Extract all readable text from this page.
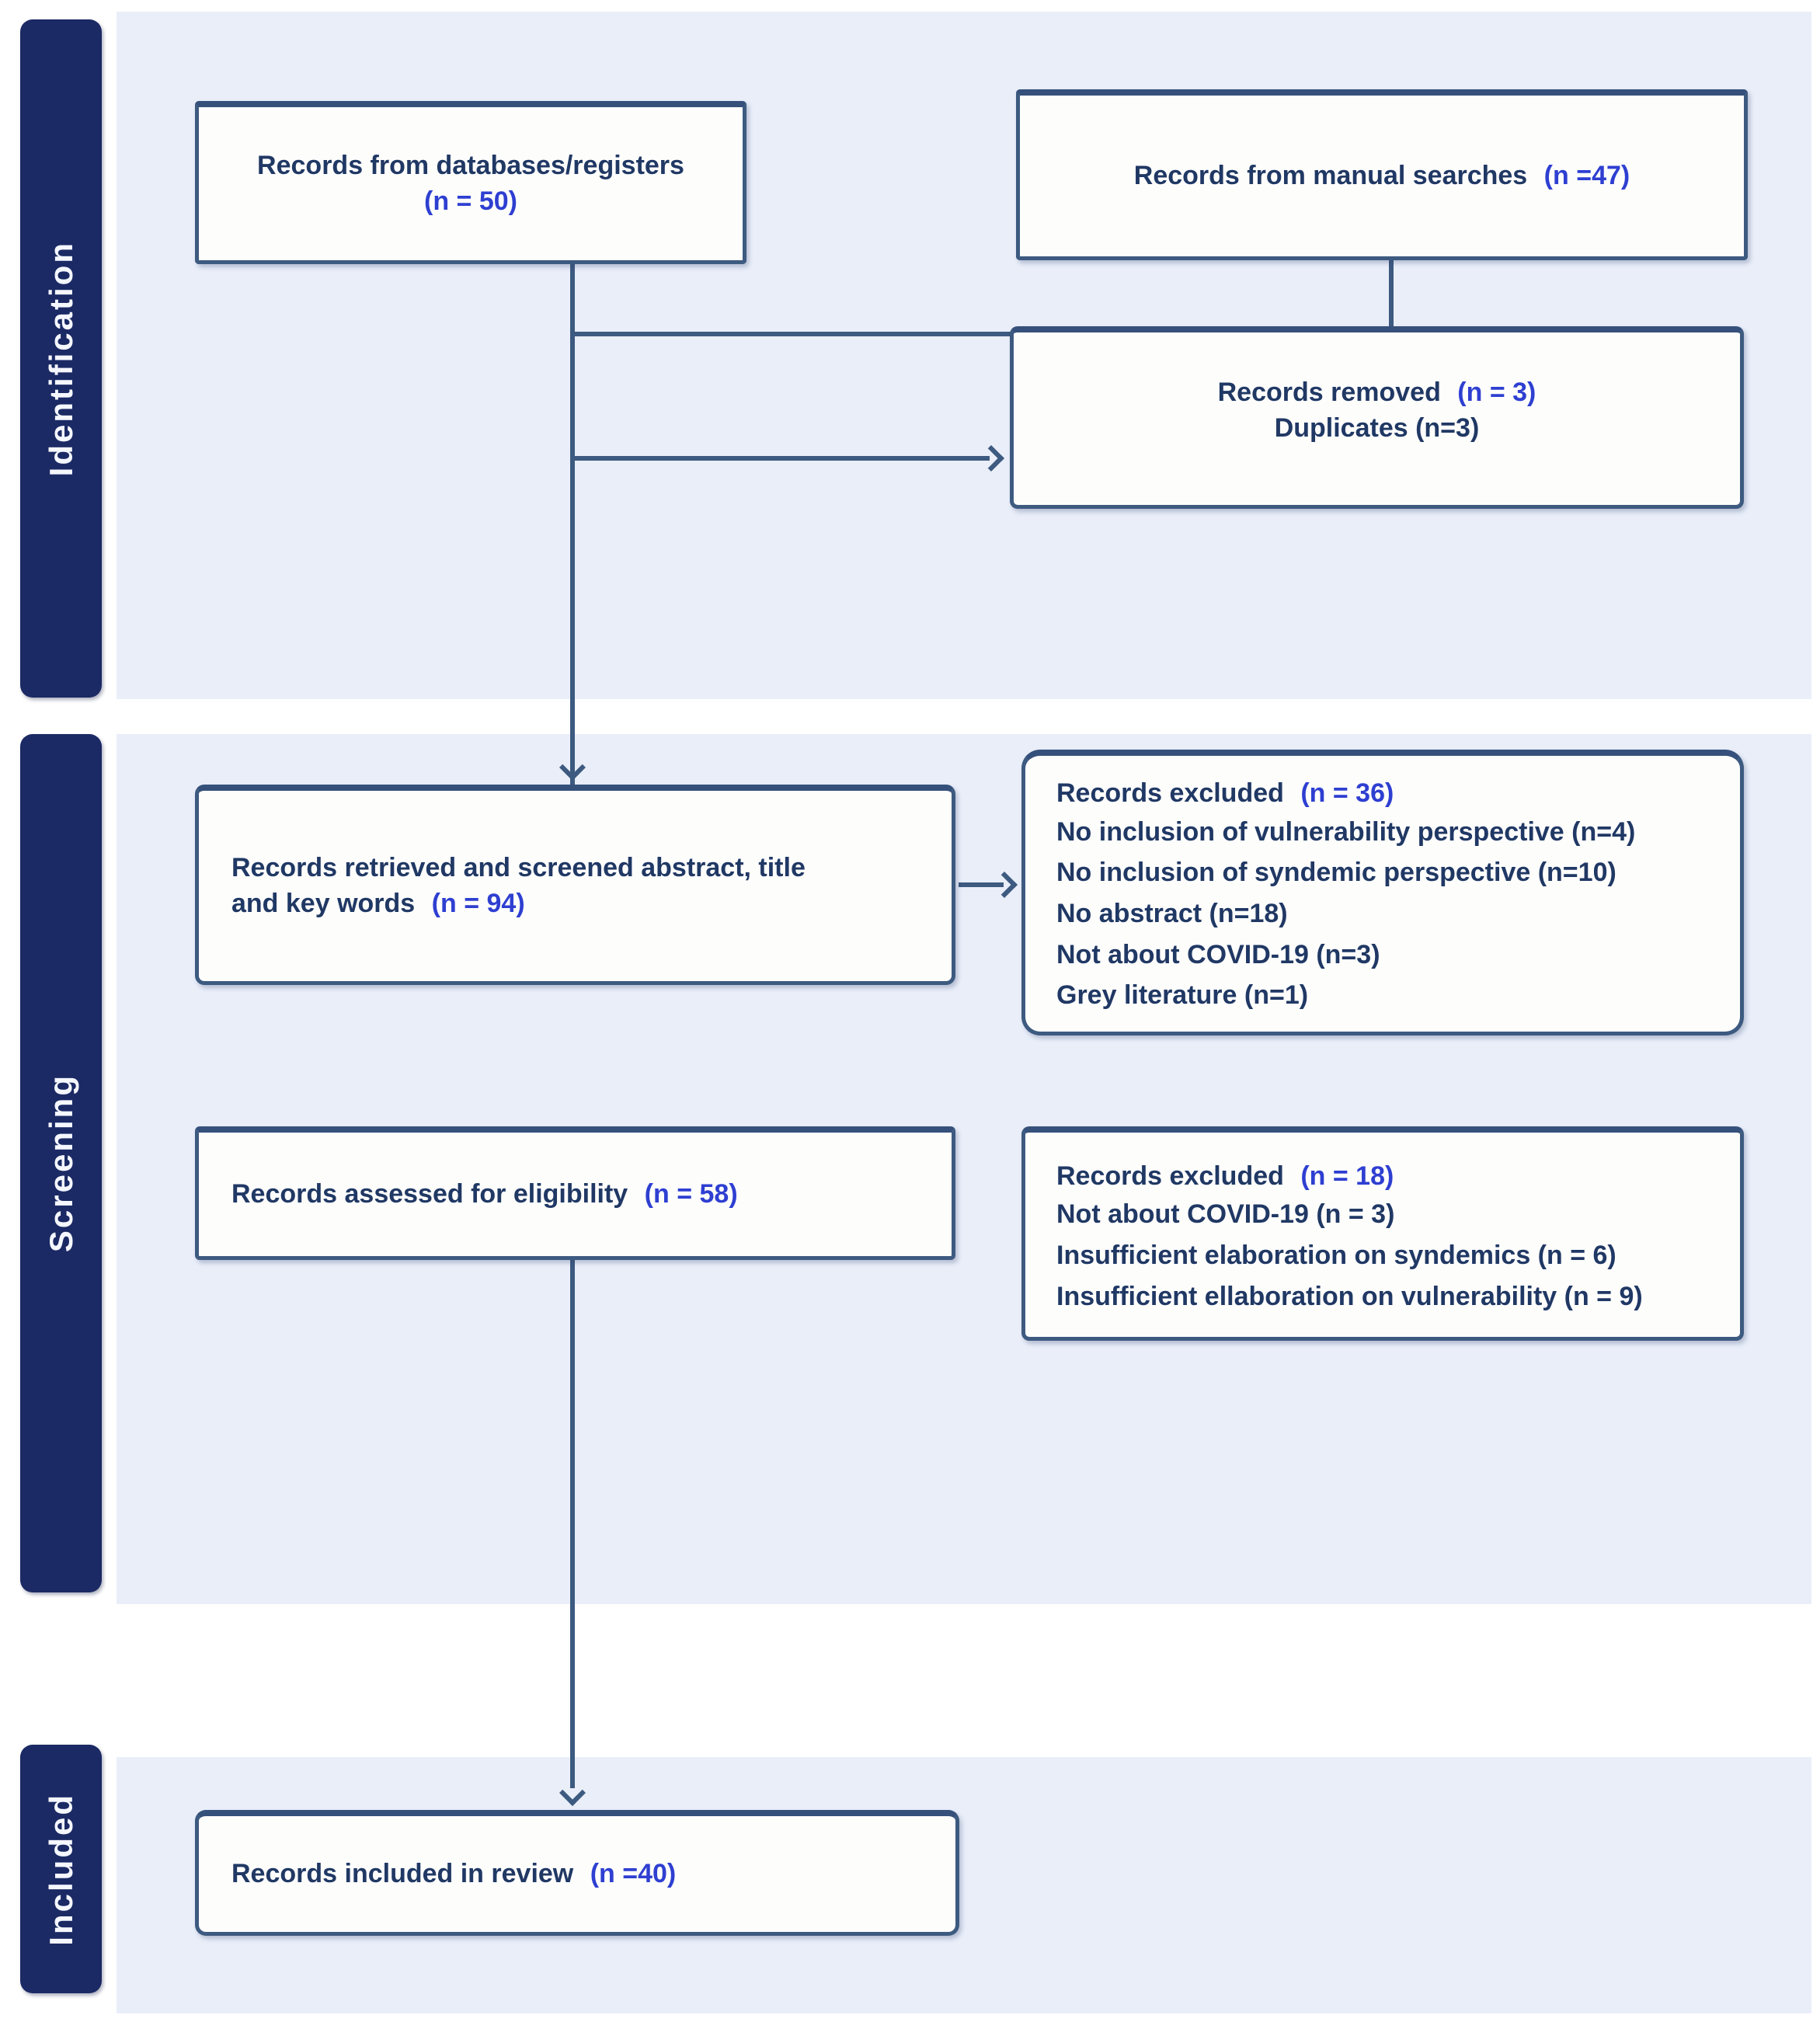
Identification
Screening
Included
Records from databases/registers
(n = 50)
Records from manual searches (n =47)
Records removed (n = 3)
Duplicates (n=3)
Records retrieved and screened abstract, title and key words (n = 94)
Records excluded (n = 36)
No inclusion of vulnerability perspective (n=4)
No inclusion of syndemic perspective (n=10)
No abstract (n=18)
Not about COVID-19 (n=3)
Grey literature (n=1)
Records assessed for eligibility (n = 58)
Records excluded (n = 18)
Not about COVID-19 (n = 3)
Insufficient elaboration on syndemics (n = 6)
Insufficient ellaboration on vulnerability (n = 9)
Records included in review (n =40)
